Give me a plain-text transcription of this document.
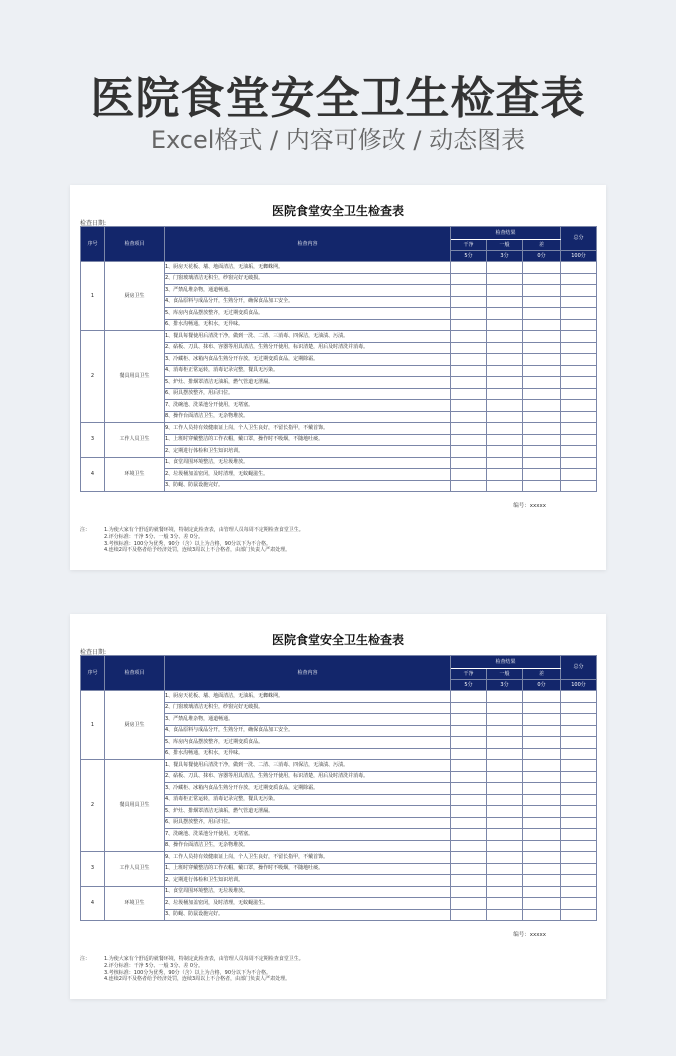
医院食堂安全卫生检查表
Excel格式 / 内容可修改 / 动态图表
医院食堂安全卫生检查表
检查日期:
序号	检查项目	检查内容	检查结果			总分
			干净	一般	差	
			5分	3分	0分	100分
1	厨房卫生	1、厨房天花板、墙、地面清洁，无油垢，无蜘蛛网。				
		2、门窗玻璃清洁无积尘，纱窗完好无破损。				
		3、严禁乱堆杂物，通道畅通。				
		4、食品原料与成品分开，生熟分开，确保食品加工安全。				
		5、库房内食品摆放整齐，无过期变质食品。				
		6、排水沟畅通，无积水，无异味。				
2	餐具用具卫生	1、餐具每餐使用后清洗干净，做到一洗、二清、三消毒、四保洁，无油渍、污渍。				
		2、砧板、刀具、抹布、容器等用具清洁，生熟分开使用，标识清楚，用后及时清洗并消毒。				
		3、冷藏柜、冰箱内食品生熟分开存放，无过期变质食品，定期除霜。				
		4、消毒柜正常运转，消毒记录完整，餐具无污染。				
		5、炉灶、排烟罩清洁无油垢，燃气管道无泄漏。				
		6、厨具摆放整齐，用后归位。				
		7、洗碗池、洗菜池分开使用，无堵塞。				
		8、操作台面清洁卫生，无杂物堆放。				
3	工作人员卫生	9、工作人员持有效健康证上岗，个人卫生良好，不留长指甲，不戴首饰。				
		1、上班时穿戴整洁的工作衣帽，戴口罩，操作时不吸烟，不随地吐痰。				
		2、定期进行体检和卫生知识培训。				
4	环境卫生	1、食堂周围环境整洁，无垃圾堆放。				
		2、垃圾桶加盖密闭，及时清理，无蚊蝇滋生。				
		3、防蝇、防鼠设施完好。				
编号：xxxxx
注：	1.为使大家有个舒适的就餐环境，特制定此检查表，由管理人员每周不定期检查食堂卫生。
2.评分标准：干净 5分、一般 3分、差 0分。
3.考核标准：100分为优秀，90分（含）以上为合格，90分以下为不合格。
4.连续2周不及格者给予经济处罚，连续3周以上不合格者，由部门负责人严肃处理。
医院食堂安全卫生检查表
检查日期:
序号	检查项目	检查内容	检查结果			总分
			干净	一般	差	
			5分	3分	0分	100分
1	厨房卫生	1、厨房天花板、墙、地面清洁，无油垢，无蜘蛛网。				
		2、门窗玻璃清洁无积尘，纱窗完好无破损。				
		3、严禁乱堆杂物，通道畅通。				
		4、食品原料与成品分开，生熟分开，确保食品加工安全。				
		5、库房内食品摆放整齐，无过期变质食品。				
		6、排水沟畅通，无积水，无异味。				
2	餐具用具卫生	1、餐具每餐使用后清洗干净，做到一洗、二清、三消毒、四保洁，无油渍、污渍。				
		2、砧板、刀具、抹布、容器等用具清洁，生熟分开使用，标识清楚，用后及时清洗并消毒。				
		3、冷藏柜、冰箱内食品生熟分开存放，无过期变质食品，定期除霜。				
		4、消毒柜正常运转，消毒记录完整，餐具无污染。				
		5、炉灶、排烟罩清洁无油垢，燃气管道无泄漏。				
		6、厨具摆放整齐，用后归位。				
		7、洗碗池、洗菜池分开使用，无堵塞。				
		8、操作台面清洁卫生，无杂物堆放。				
3	工作人员卫生	9、工作人员持有效健康证上岗，个人卫生良好，不留长指甲，不戴首饰。				
		1、上班时穿戴整洁的工作衣帽，戴口罩，操作时不吸烟，不随地吐痰。				
		2、定期进行体检和卫生知识培训。				
4	环境卫生	1、食堂周围环境整洁，无垃圾堆放。				
		2、垃圾桶加盖密闭，及时清理，无蚊蝇滋生。				
		3、防蝇、防鼠设施完好。				
编号：xxxxx
注：	1.为使大家有个舒适的就餐环境，特制定此检查表，由管理人员每周不定期检查食堂卫生。
2.评分标准：干净 5分、一般 3分、差 0分。
3.考核标准：100分为优秀，90分（含）以上为合格，90分以下为不合格。
4.连续2周不及格者给予经济处罚，连续3周以上不合格者，由部门负责人严肃处理。
